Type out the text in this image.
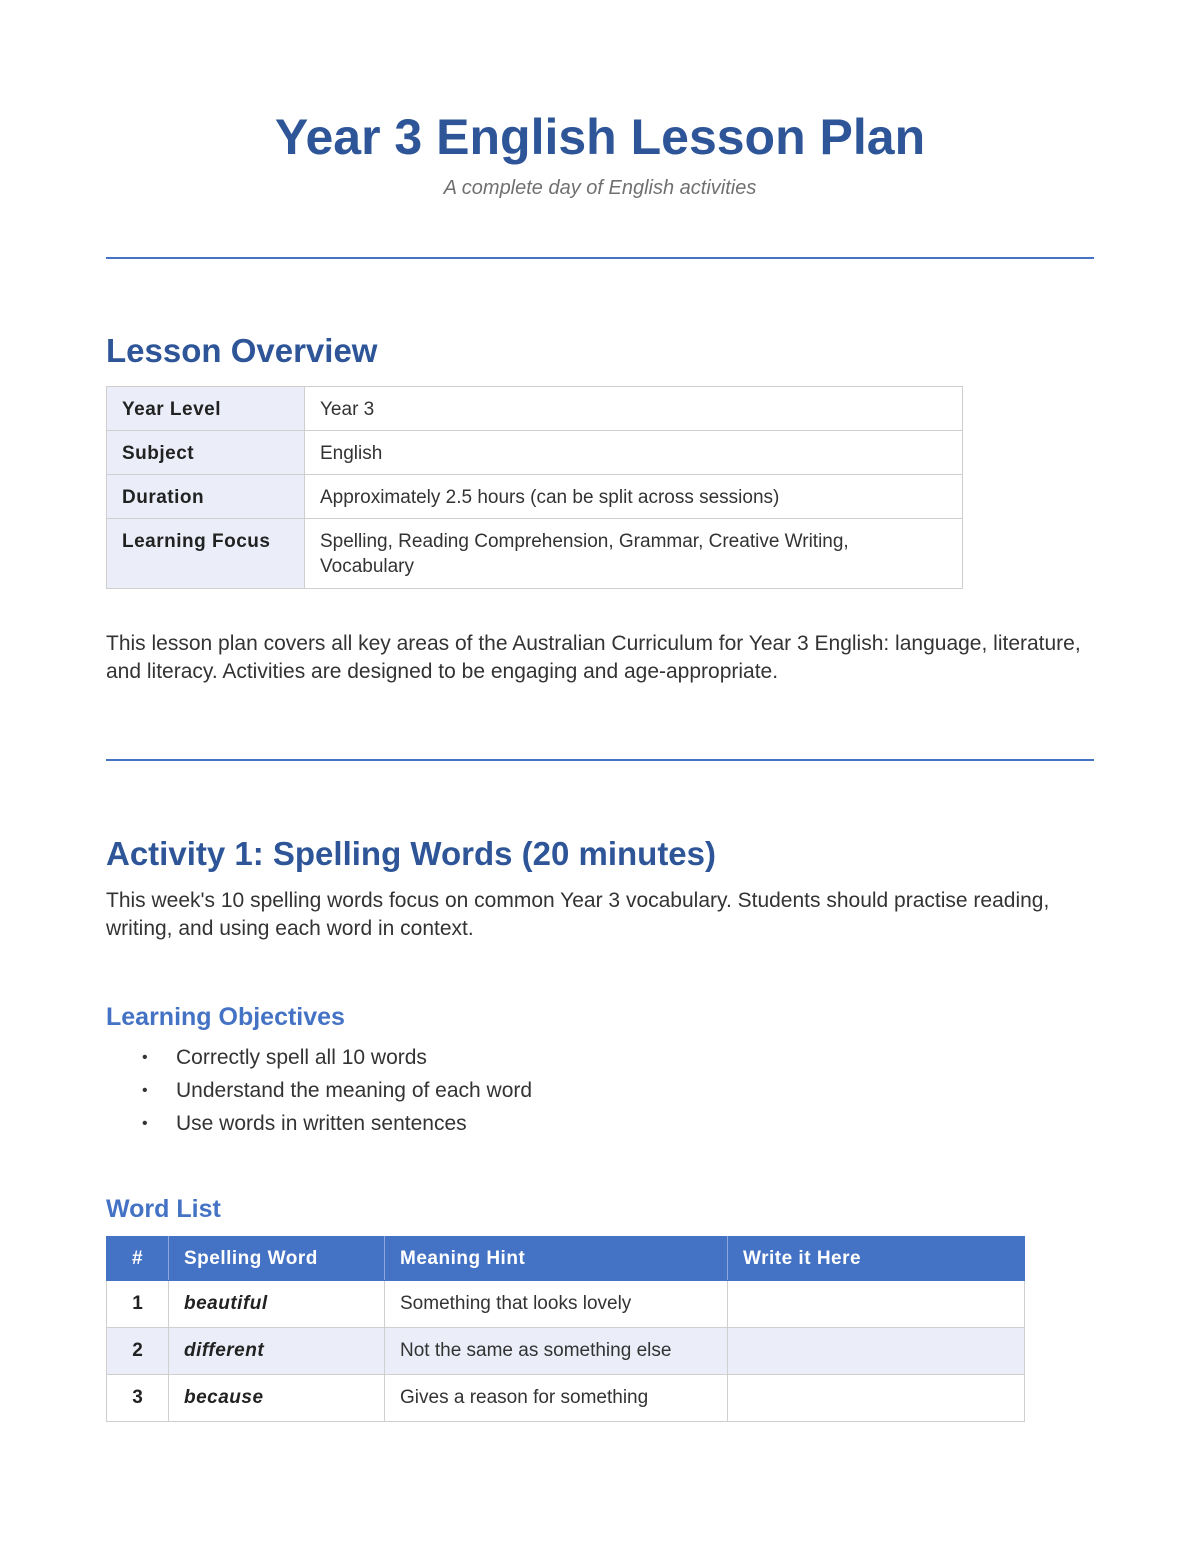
Year 3 English Lesson Plan
A complete day of English activities
Lesson Overview
Year Level	Year 3
Subject	English
Duration	Approximately 2.5 hours (can be split across sessions)
Learning Focus	Spelling, Reading Comprehension, Grammar, Creative Writing, Vocabulary

This lesson plan covers all key areas of the Australian Curriculum for Year 3 English: language, literature, and literacy. Activities are designed to be engaging and age-appropriate.

Activity 1: Spelling Words (20 minutes)

This week's 10 spelling words focus on common Year 3 vocabulary. Students should practise reading, writing, and using each word in context.

Learning Objectives
• Correctly spell all 10 words
• Understand the meaning of each word
• Use words in written sentences
Word List
#	Spelling Word	Meaning Hint	Write it Here
1	beautiful	Something that looks lovely	
2	different	Not the same as something else	
3	because	Gives a reason for something	
